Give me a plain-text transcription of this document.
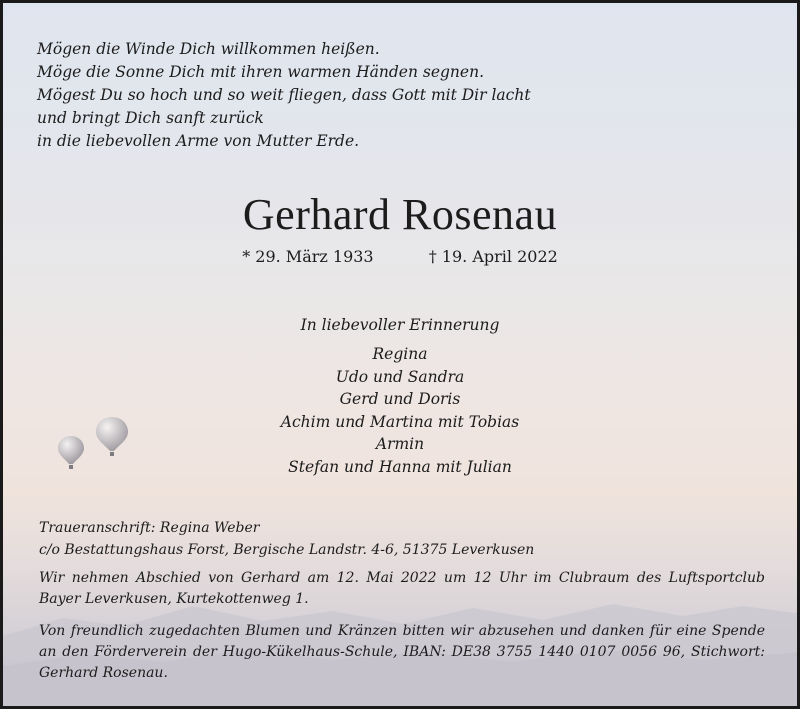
Mögen die Winde Dich willkommen heißen.
Möge die Sonne Dich mit ihren warmen Händen segnen.
Mögest Du so hoch und so weit fliegen, dass Gott mit Dir lacht
und bringt Dich sanft zurück
in die liebevollen Arme von Mutter Erde.
Gerhard Rosenau
* 29. März 1933	† 19. April 2022
In liebevoller Erinnerung
Regina
Udo und Sandra
Gerd und Doris
Achim und Martina mit Tobias
Armin
Stefan und Hanna mit Julian
Traueranschrift: Regina Weber
c/o Bestattungshaus Forst, Bergische Landstr. 4-6, 51375 Leverkusen
Wir nehmen Abschied von Gerhard am 12. Mai 2022 um 12 Uhr im Clubraum des Luftsportclub Bayer Leverkusen, Kurtekottenweg 1.
Von freundlich zugedachten Blumen und Kränzen bitten wir abzusehen und danken für eine Spende an den Förderverein der Hugo-Kükelhaus-Schule, IBAN: DE38 3755 1440 0107 0056 96, Stichwort: Gerhard Rosenau.
